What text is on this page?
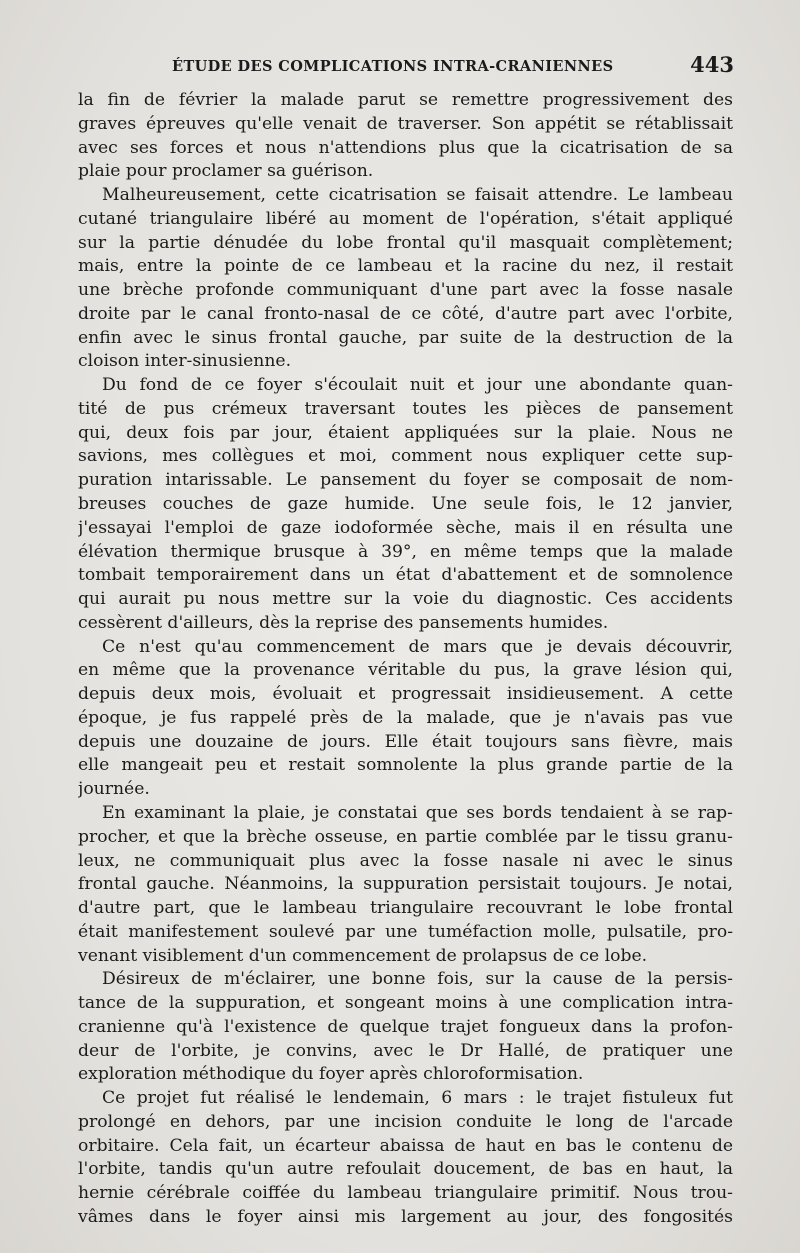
ÉTUDE DES COMPLICATIONS INTRA-CRANIENNES	443
la fin de février la malade parut se remettre progressivement des
graves épreuves qu'elle venait de traverser. Son appétit se rétablissait
avec ses forces et nous n'attendions plus que la cicatrisation de sa
plaie pour proclamer sa guérison.
Malheureusement, cette cicatrisation se faisait attendre. Le lambeau
cutané triangulaire libéré au moment de l'opération, s'était appliqué
sur la partie dénudée du lobe frontal qu'il masquait complètement;
mais, entre la pointe de ce lambeau et la racine du nez, il restait
une brèche profonde communiquant d'une part avec la fosse nasale
droite par le canal fronto-nasal de ce côté, d'autre part avec l'orbite,
enfin avec le sinus frontal gauche, par suite de la destruction de la
cloison inter-sinusienne.
Du fond de ce foyer s'écoulait nuit et jour une abondante quan-
tité de pus crémeux traversant toutes les pièces de pansement
qui, deux fois par jour, étaient appliquées sur la plaie. Nous ne
savions, mes collègues et moi, comment nous expliquer cette sup-
puration intarissable. Le pansement du foyer se composait de nom-
breuses couches de gaze humide. Une seule fois, le 12 janvier,
j'essayai l'emploi de gaze iodoformée sèche, mais il en résulta une
élévation thermique brusque à 39°, en même temps que la malade
tombait temporairement dans un état d'abattement et de somnolence
qui aurait pu nous mettre sur la voie du diagnostic. Ces accidents
cessèrent d'ailleurs, dès la reprise des pansements humides.
Ce n'est qu'au commencement de mars que je devais découvrir,
en même que la provenance véritable du pus, la grave lésion qui,
depuis deux mois, évoluait et progressait insidieusement. A cette
époque, je fus rappelé près de la malade, que je n'avais pas vue
depuis une douzaine de jours. Elle était toujours sans fièvre, mais
elle mangeait peu et restait somnolente la plus grande partie de la
journée.
En examinant la plaie, je constatai que ses bords tendaient à se rap-
procher, et que la brèche osseuse, en partie comblée par le tissu granu-
leux, ne communiquait plus avec la fosse nasale ni avec le sinus
frontal gauche. Néanmoins, la suppuration persistait toujours. Je notai,
d'autre part, que le lambeau triangulaire recouvrant le lobe frontal
était manifestement soulevé par une tuméfaction molle, pulsatile, pro-
venant visiblement d'un commencement de prolapsus de ce lobe.
Désireux de m'éclairer, une bonne fois, sur la cause de la persis-
tance de la suppuration, et songeant moins à une complication intra-
cranienne qu'à l'existence de quelque trajet fongueux dans la profon-
deur de l'orbite, je convins, avec le Dr Hallé, de pratiquer une
exploration méthodique du foyer après chloroformisation.
Ce projet fut réalisé le lendemain, 6 mars : le trajet fistuleux fut
prolongé en dehors, par une incision conduite le long de l'arcade
orbitaire. Cela fait, un écarteur abaissa de haut en bas le contenu de
l'orbite, tandis qu'un autre refoulait doucement, de bas en haut, la
hernie cérébrale coiffée du lambeau triangulaire primitif. Nous trou-
vâmes dans le foyer ainsi mis largement au jour, des fongosités
